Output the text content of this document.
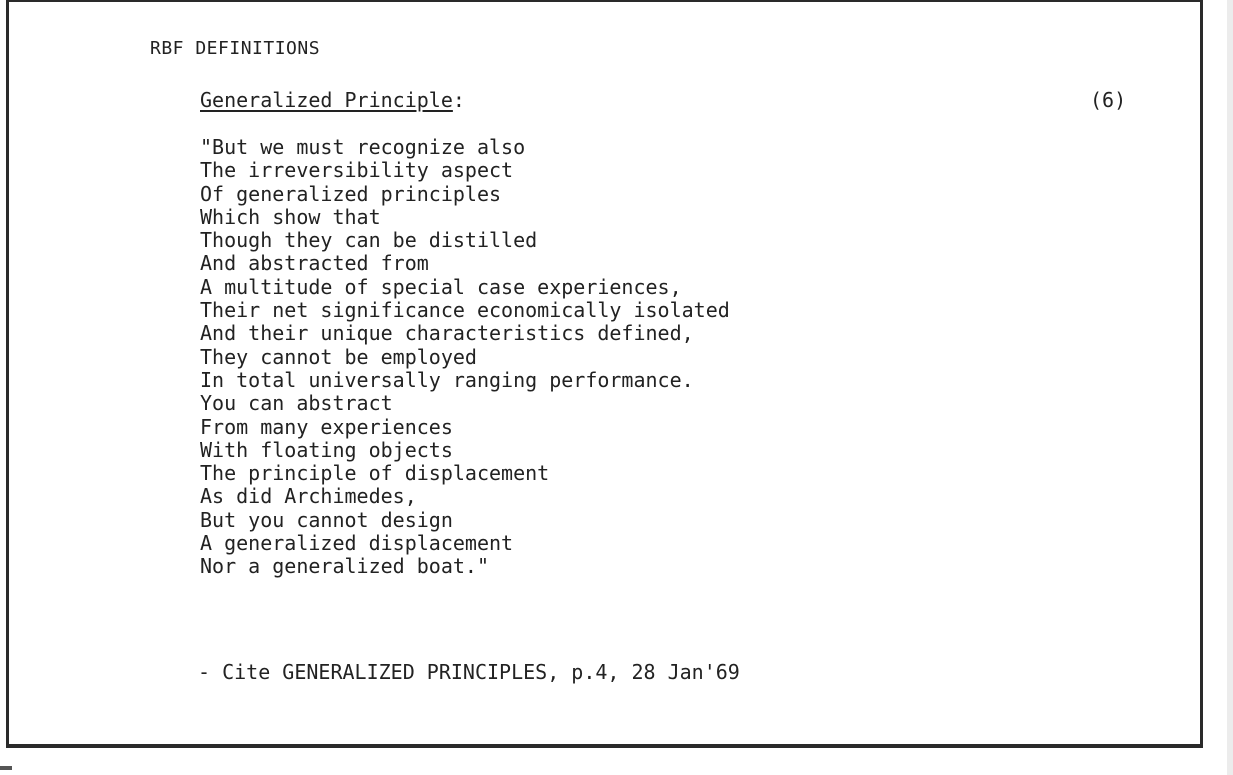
RBF DEFINITIONS
Generalized Principle:	(6)
"But we must recognize also
The irreversibility aspect
Of generalized principles
Which show that
Though they can be distilled
And abstracted from
A multitude of special case experiences,
Their net significance economically isolated
And their unique characteristics defined,
They cannot be employed
In total universally ranging performance.
You can abstract
From many experiences
With floating objects
The principle of displacement
As did Archimedes,
But you cannot design
A generalized displacement
Nor a generalized boat."
- Cite GENERALIZED PRINCIPLES, p.4, 28 Jan'69
